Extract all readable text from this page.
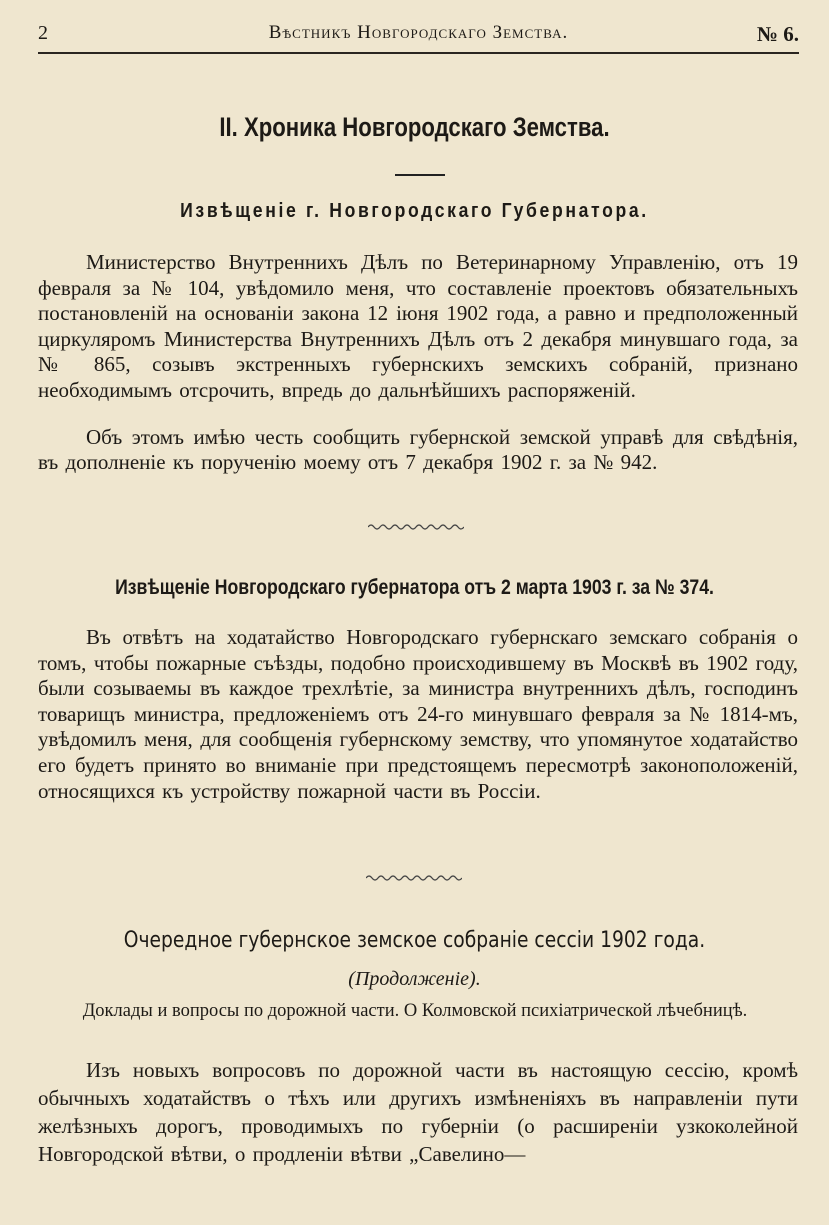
2	Вѣстникъ Новгородскаго Земства.	№ 6.
II. Хроника Новгородскаго Земства.
Извѣщеніе г. Новгородскаго Губернатора.

Министерство Внутреннихъ Дѣлъ по Ветеринарному Управленію, отъ 19 февраля за № 104, увѣдомило меня, что составленіе проектовъ обязательныхъ постановленій на основаніи закона 12 іюня 1902 года, а равно и предположенный циркуляромъ Министерства Внутреннихъ Дѣлъ отъ 2 декабря минувшаго года, за № 865, созывъ экстренныхъ губернскихъ земскихъ собраній, признано необходимымъ отсрочить, впредь до дальнѣйшихъ распоряженій.

Объ этомъ имѣю честь сообщить губернской земской управѣ для свѣдѣнія, въ дополненіе къ порученію моему отъ 7 декабря 1902 г. за № 942.

Извѣщеніе Новгородскаго губернатора отъ 2 марта 1903 г. за № 374.

Въ отвѣтъ на ходатайство Новгородскаго губернскаго земскаго собранія о томъ, чтобы пожарные съѣзды, подобно происходившему въ Москвѣ въ 1902 году, были созываемы въ каждое трехлѣтіе, за министра внутреннихъ дѣлъ, господинъ товарищъ министра, предложеніемъ отъ 24-го минувшаго февраля за № 1814-мъ, увѣдомилъ меня, для сообщенія губернскому земству, что упомянутое ходатайство его будетъ принято во вниманіе при предстоящемъ пересмотрѣ законоположеній, относящихся къ устройству пожарной части въ Россіи.

Очередное губернское земское собраніе сессіи 1902 года.
(Продолженіе).
Доклады и вопросы по дорожной части. О Колмовской психіатрической лѣчебницѣ.

Изъ новыхъ вопросовъ по дорожной части въ настоящую сессію, кромѣ обычныхъ ходатайствъ о тѣхъ или другихъ измѣненіяхъ въ направленіи пути желѣзныхъ дорогъ, проводимыхъ по губерніи (о расширеніи узкоколейной Новгородской вѣтви, о продленіи вѣтви „Савелино—
